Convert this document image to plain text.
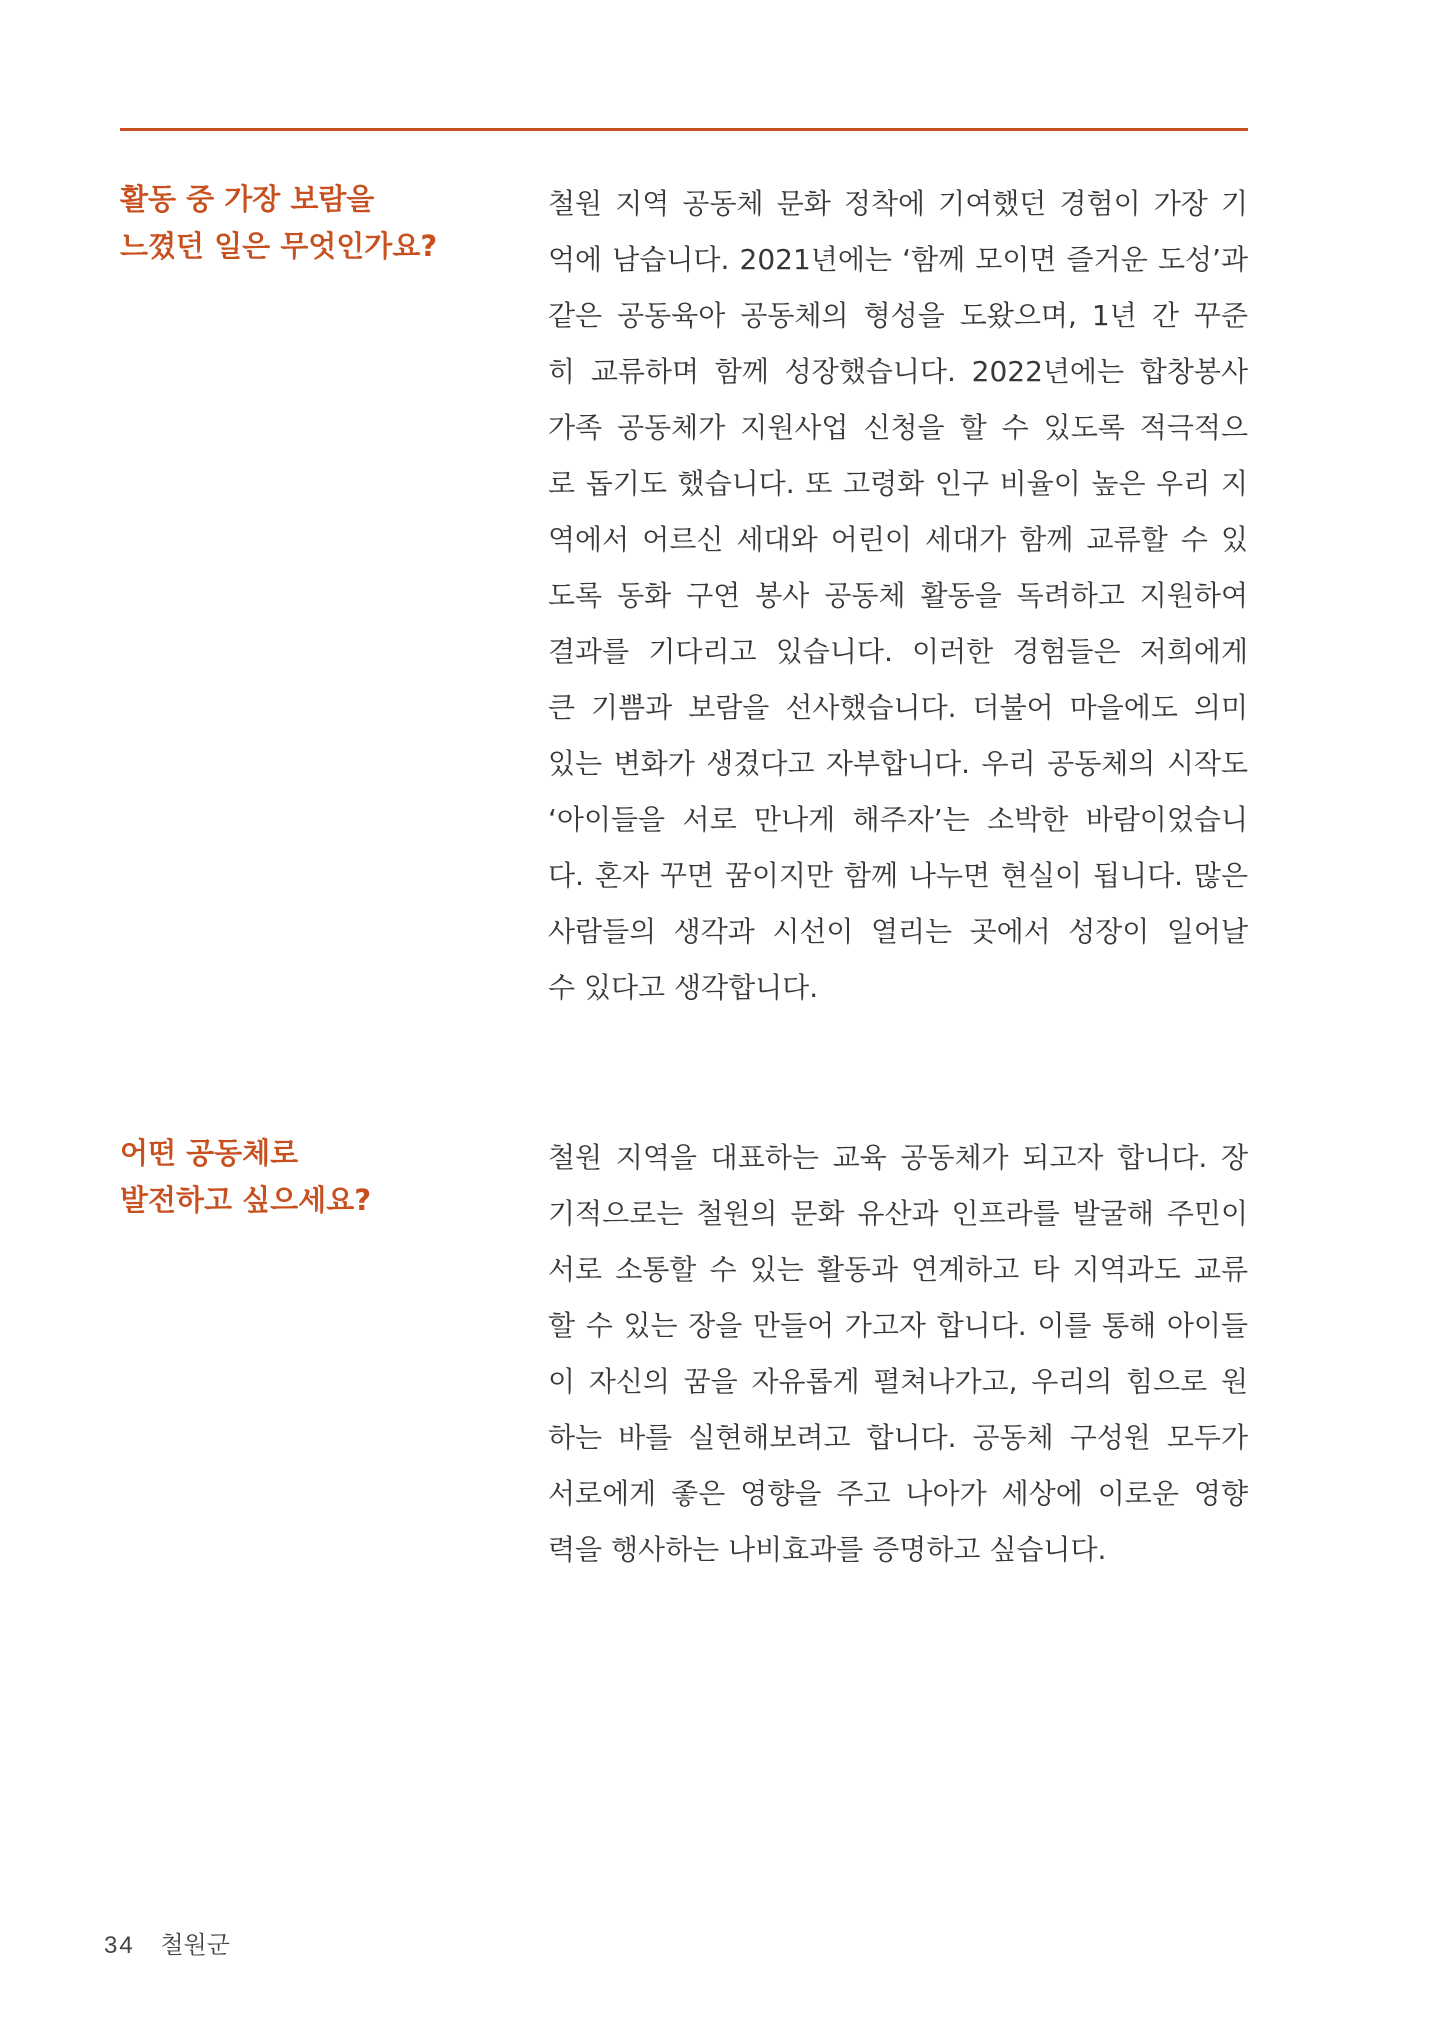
활동 중 가장 보람을
느꼈던 일은 무엇인가요?

철원 지역 공동체 문화 정착에 기여했던 경험이 가장 기
억에 남습니다. 2021년에는 ‘함께 모이면 즐거운 도성’과
같은 공동육아 공동체의 형성을 도왔으며, 1년 간 꾸준
히 교류하며 함께 성장했습니다. 2022년에는 합창봉사
가족 공동체가 지원사업 신청을 할 수 있도록 적극적으
로 돕기도 했습니다. 또 고령화 인구 비율이 높은 우리 지
역에서 어르신 세대와 어린이 세대가 함께 교류할 수 있
도록 동화 구연 봉사 공동체 활동을 독려하고 지원하여
결과를 기다리고 있습니다. 이러한 경험들은 저희에게
큰 기쁨과 보람을 선사했습니다. 더불어 마을에도 의미
있는 변화가 생겼다고 자부합니다. 우리 공동체의 시작도
‘아이들을 서로 만나게 해주자’는 소박한 바람이었습니
다. 혼자 꾸면 꿈이지만 함께 나누면 현실이 됩니다. 많은
사람들의 생각과 시선이 열리는 곳에서 성장이 일어날
수 있다고 생각합니다.

어떤 공동체로
발전하고 싶으세요?

철원 지역을 대표하는 교육 공동체가 되고자 합니다. 장
기적으로는 철원의 문화 유산과 인프라를 발굴해 주민이
서로 소통할 수 있는 활동과 연계하고 타 지역과도 교류
할 수 있는 장을 만들어 가고자 합니다. 이를 통해 아이들
이 자신의 꿈을 자유롭게 펼쳐나가고, 우리의 힘으로 원
하는 바를 실현해보려고 합니다. 공동체 구성원 모두가
서로에게 좋은 영향을 주고 나아가 세상에 이로운 영향
력을 행사하는 나비효과를 증명하고 싶습니다.

34 철원군
